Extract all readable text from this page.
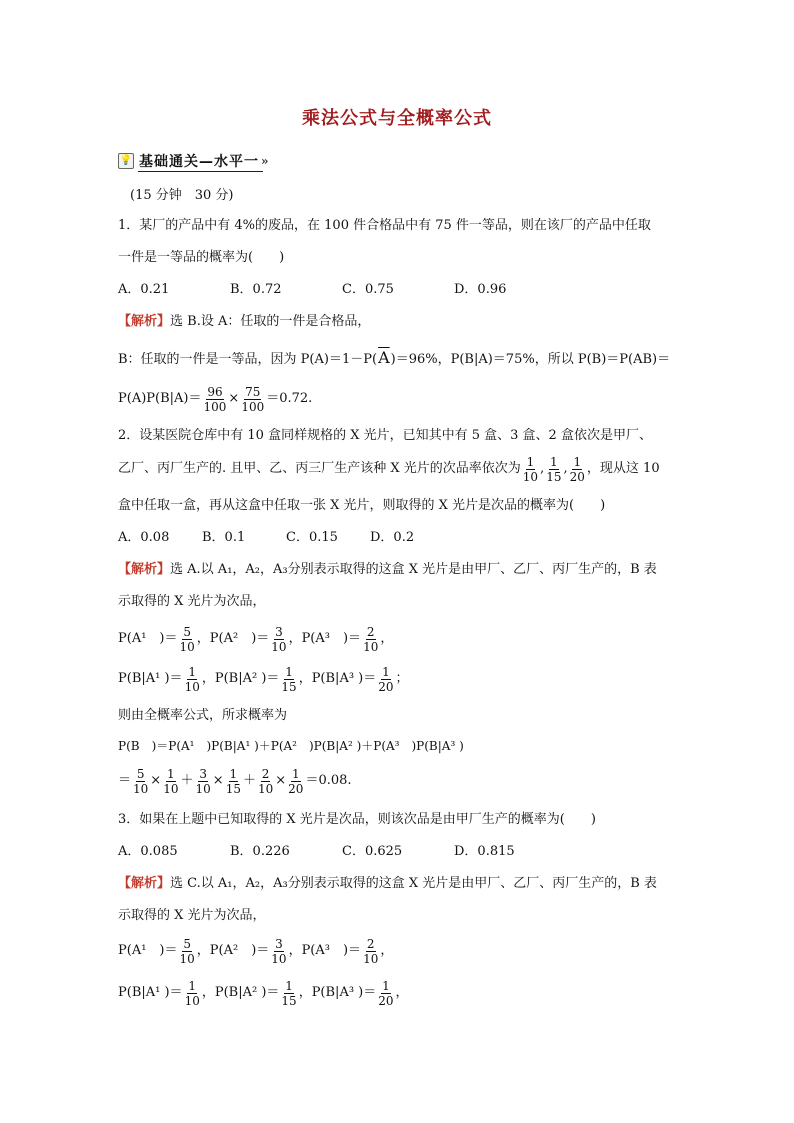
乘法公式与全概率公式
💡 基础通关—水平一 »
(15 分钟　30 分)
1．某厂的产品中有 4%的废品，在 100 件合格品中有 75 件一等品，则在该厂的产品中任取
一件是一等品的概率为(　　)
A．0.21	B．0.72	C．0.75	D．0.96
【解析】选 B.设 A：任取的一件是合格品，
B：任取的一件是一等品，因为 $P(A)=1-P(\overline{A})=96\%$，P(B|A)＝75%，所以 P(B)＝P(AB)＝
$P(A)P(B|A)= \frac{96}{100} \times \frac{75}{100} =0.72$.
2．设某医院仓库中有 10 盒同样规格的 X 光片，已知其中有 5 盒、3 盒、2 盒依次是甲厂、
乙厂、丙厂生产的. 且甲、乙、丙三厂生产该种 X 光片的次品率依次为 $\frac{1}{10}$ , $\frac{1}{15}$ , $\frac{1}{20}$ ，现从这 10
盒中任取一盒，再从这盒中任取一张 X 光片，则取得的 X 光片是次品的概率为(　　)
A．0.08	B．0.1	C．0.15 D．0.2
【解析】选 A.以 A₁，A₂，A₃分别表示取得的这盒 X 光片是由甲厂、乙厂、丙厂生产的，B 表
示取得的 X 光片为次品，
P(A¹　)＝ $\frac{5}{10}$ ，P(A²　)＝ $\frac{3}{10}$ ，P(A³　)＝ $\frac{2}{10}$ ，
P(B|A¹ )＝ $\frac{1}{10}$ ，P(B|A² )＝ $\frac{1}{15}$ ，P(B|A³ )＝ $\frac{1}{20}$ ；
则由全概率公式，所求概率为
P(B　)＝P(A¹　)P(B|A¹ )＋P(A²　)P(B|A² )＋P(A³　)P(B|A³ )
＝ $\frac{5}{10} \times \frac{1}{10} + \frac{3}{10} \times \frac{1}{15} + \frac{2}{10} \times \frac{1}{20} =0.08$.
3．如果在上题中已知取得的 X 光片是次品，则该次品是由甲厂生产的概率为(　　)
A．0.085	B．0.226	C．0.625	D．0.815
【解析】选 C.以 A₁，A₂，A₃分别表示取得的这盒 X 光片是由甲厂、乙厂、丙厂生产的，B 表
示取得的 X 光片为次品，
P(A¹　)＝ $\frac{5}{10}$ ，P(A²　)＝ $\frac{3}{10}$ ，P(A³　)＝ $\frac{2}{10}$ ，
P(B|A¹ )＝ $\frac{1}{10}$ ，P(B|A² )＝ $\frac{1}{15}$ ，P(B|A³ )＝ $\frac{1}{20}$ ，
